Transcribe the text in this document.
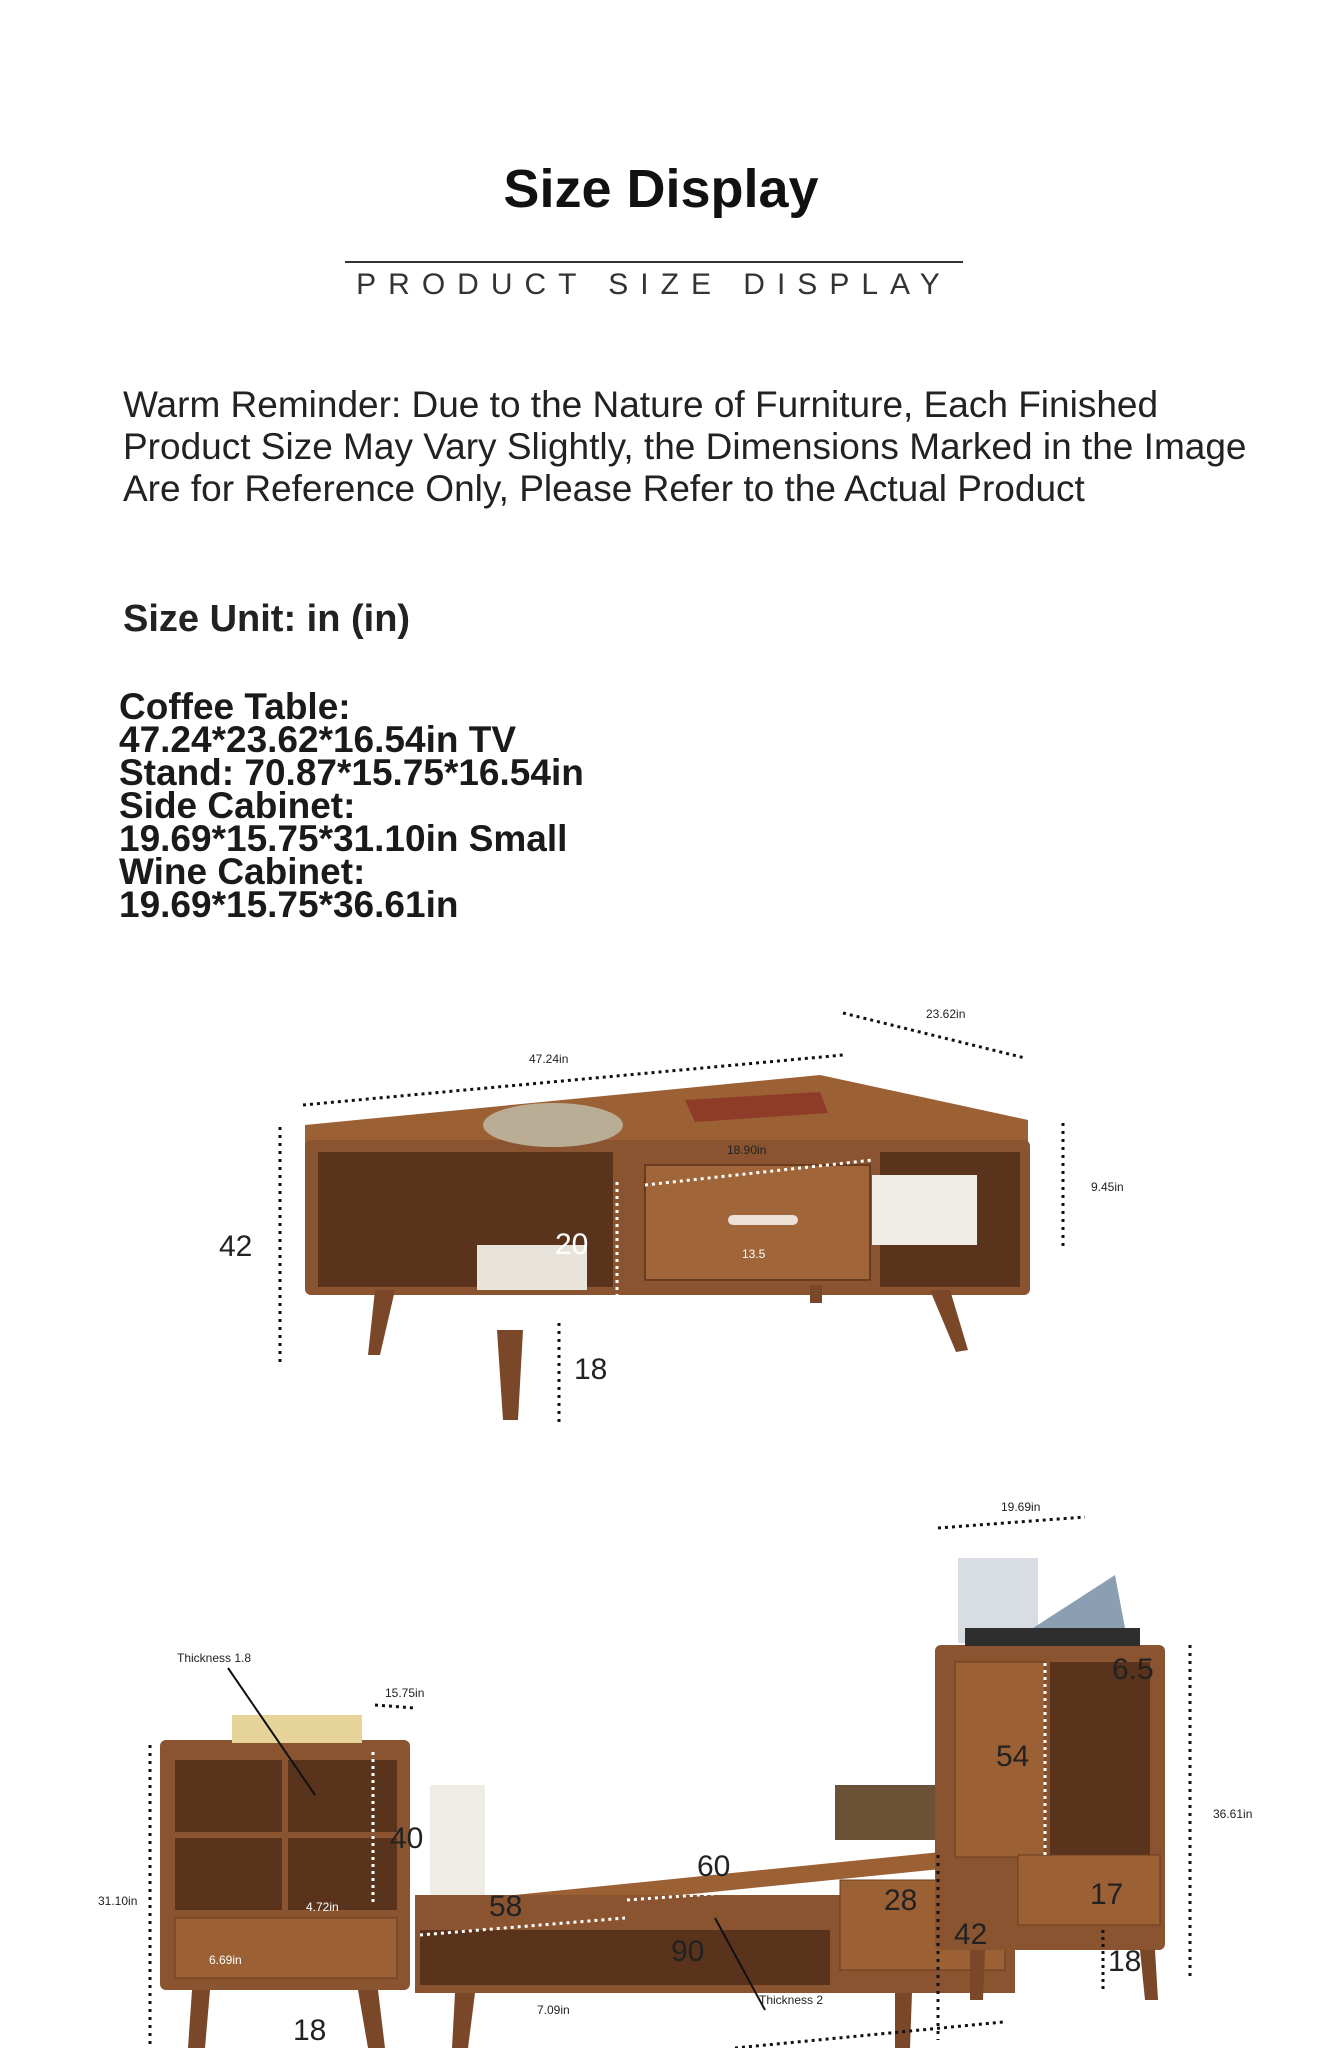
Size Display
PRODUCT SIZE DISPLAY
Warm Reminder: Due to the Nature of Furniture, Each Finished Product Size May Vary Slightly, the Dimensions Marked in the Image Are for Reference Only, Please Refer to the Actual Product
Size Unit: in (in)
Coffee Table:
47.24*23.62*16.54in TV
Stand: 70.87*15.75*16.54in
Side Cabinet:
19.69*15.75*31.10in Small
Wine Cabinet:
19.69*15.75*36.61in
47.24in
23.62in
18.90in
9.45in
42	20	13.5
18
19.69in
Thickness 1.8
15.75in
31.10in
40
4.72in
6.69in
18
58
60
90
28
42
7.09in
Thickness 2
36.61in
6.5
54
17
18
